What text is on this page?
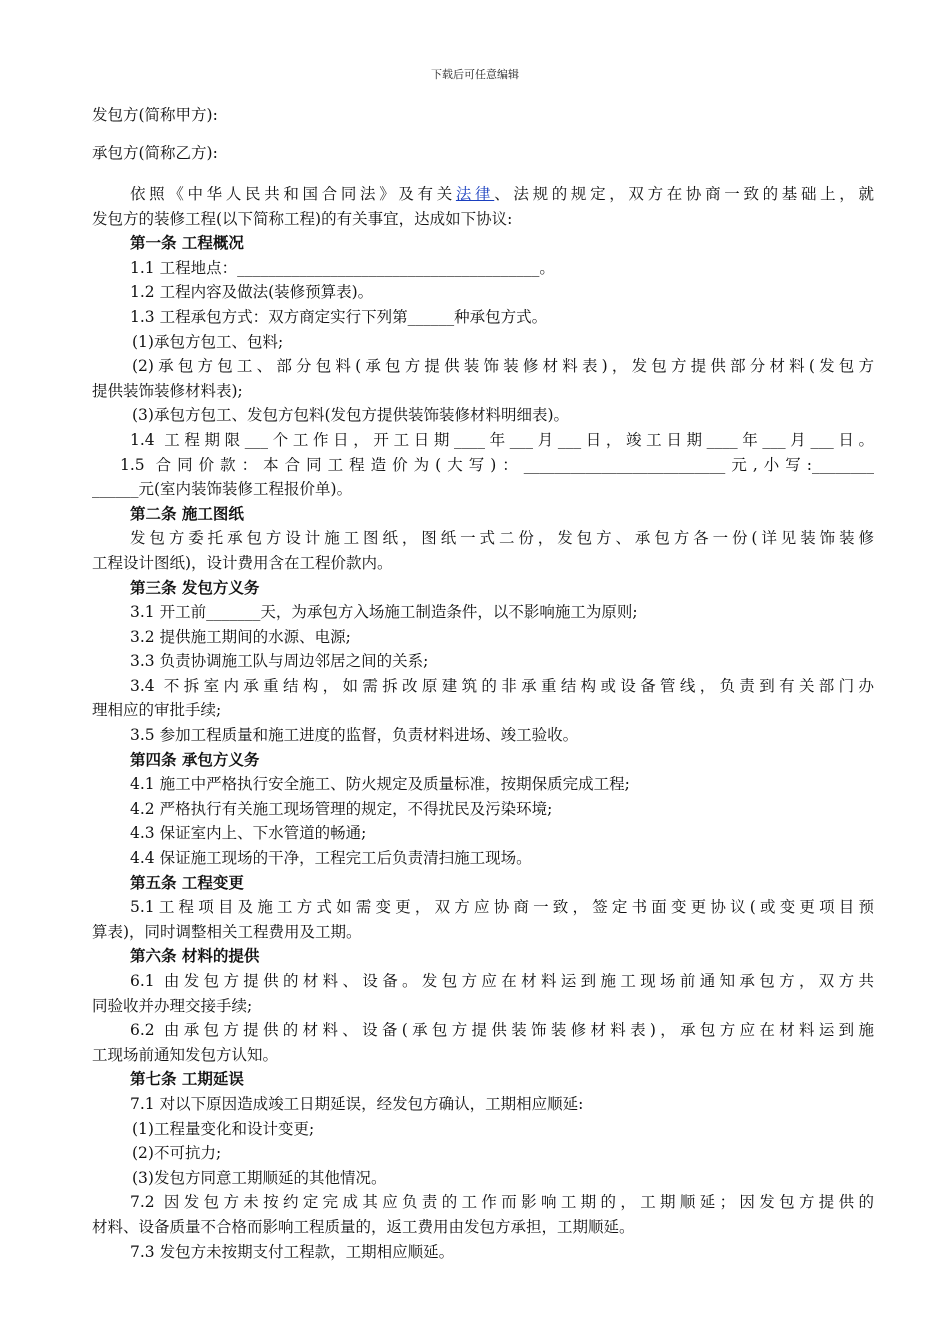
下载后可任意编辑
发包方(简称甲方):
承包方(简称乙方):
依照《中华人民共和国合同法》及有关法律、法规的规定，双方在协商一致的基础上，就
发包方的装修工程(以下简称工程)的有关事宜，达成如下协议:
第一条 工程概况
1.1 工程地点：_______________________________________。
1.2 工程内容及做法(装修预算表)。
1.3 工程承包方式：双方商定实行下列第______种承包方式。
(1)承包方包工、包料;
(2)承包方包工、部分包料(承包方提供装饰装修材料表)，发包方提供部分材料(发包方
提供装饰装修材料表);
(3)承包方包工、发包方包料(发包方提供装饰装修材料明细表)。
1.4 工程期限___个工作日，开工日期____年___月___日，竣工日期____年___月___日。
1.5 合同价款：本合同工程造价为(大写)：__________________________元,小写:________
______元(室内装饰装修工程报价单)。
第二条 施工图纸
发包方委托承包方设计施工图纸，图纸一式二份，发包方、承包方各一份(详见装饰装修
工程设计图纸)，设计费用含在工程价款内。
第三条 发包方义务
3.1 开工前_______天，为承包方入场施工制造条件，以不影响施工为原则;
3.2 提供施工期间的水源、电源;
3.3 负责协调施工队与周边邻居之间的关系;
3.4 不拆室内承重结构，如需拆改原建筑的非承重结构或设备管线，负责到有关部门办
理相应的审批手续;
3.5 参加工程质量和施工进度的监督，负责材料进场、竣工验收。
第四条 承包方义务
4.1 施工中严格执行安全施工、防火规定及质量标准，按期保质完成工程;
4.2 严格执行有关施工现场管理的规定，不得扰民及污染环境;
4.3 保证室内上、下水管道的畅通;
4.4 保证施工现场的干净，工程完工后负责清扫施工现场。
第五条 工程变更
5.1工程项目及施工方式如需变更，双方应协商一致，签定书面变更协议(或变更项目预
算表)，同时调整相关工程费用及工期。
第六条 材料的提供
6.1 由发包方提供的材料、设备。发包方应在材料运到施工现场前通知承包方，双方共
同验收并办理交接手续;
6.2 由承包方提供的材料、设备(承包方提供装饰装修材料表)，承包方应在材料运到施
工现场前通知发包方认知。
第七条 工期延误
7.1 对以下原因造成竣工日期延误，经发包方确认，工期相应顺延:
(1)工程量变化和设计变更;
(2)不可抗力;
(3)发包方同意工期顺延的其他情况。
7.2 因发包方未按约定完成其应负责的工作而影响工期的，工期顺延；因发包方提供的
材料、设备质量不合格而影响工程质量的，返工费用由发包方承担，工期顺延。
7.3 发包方未按期支付工程款，工期相应顺延。
